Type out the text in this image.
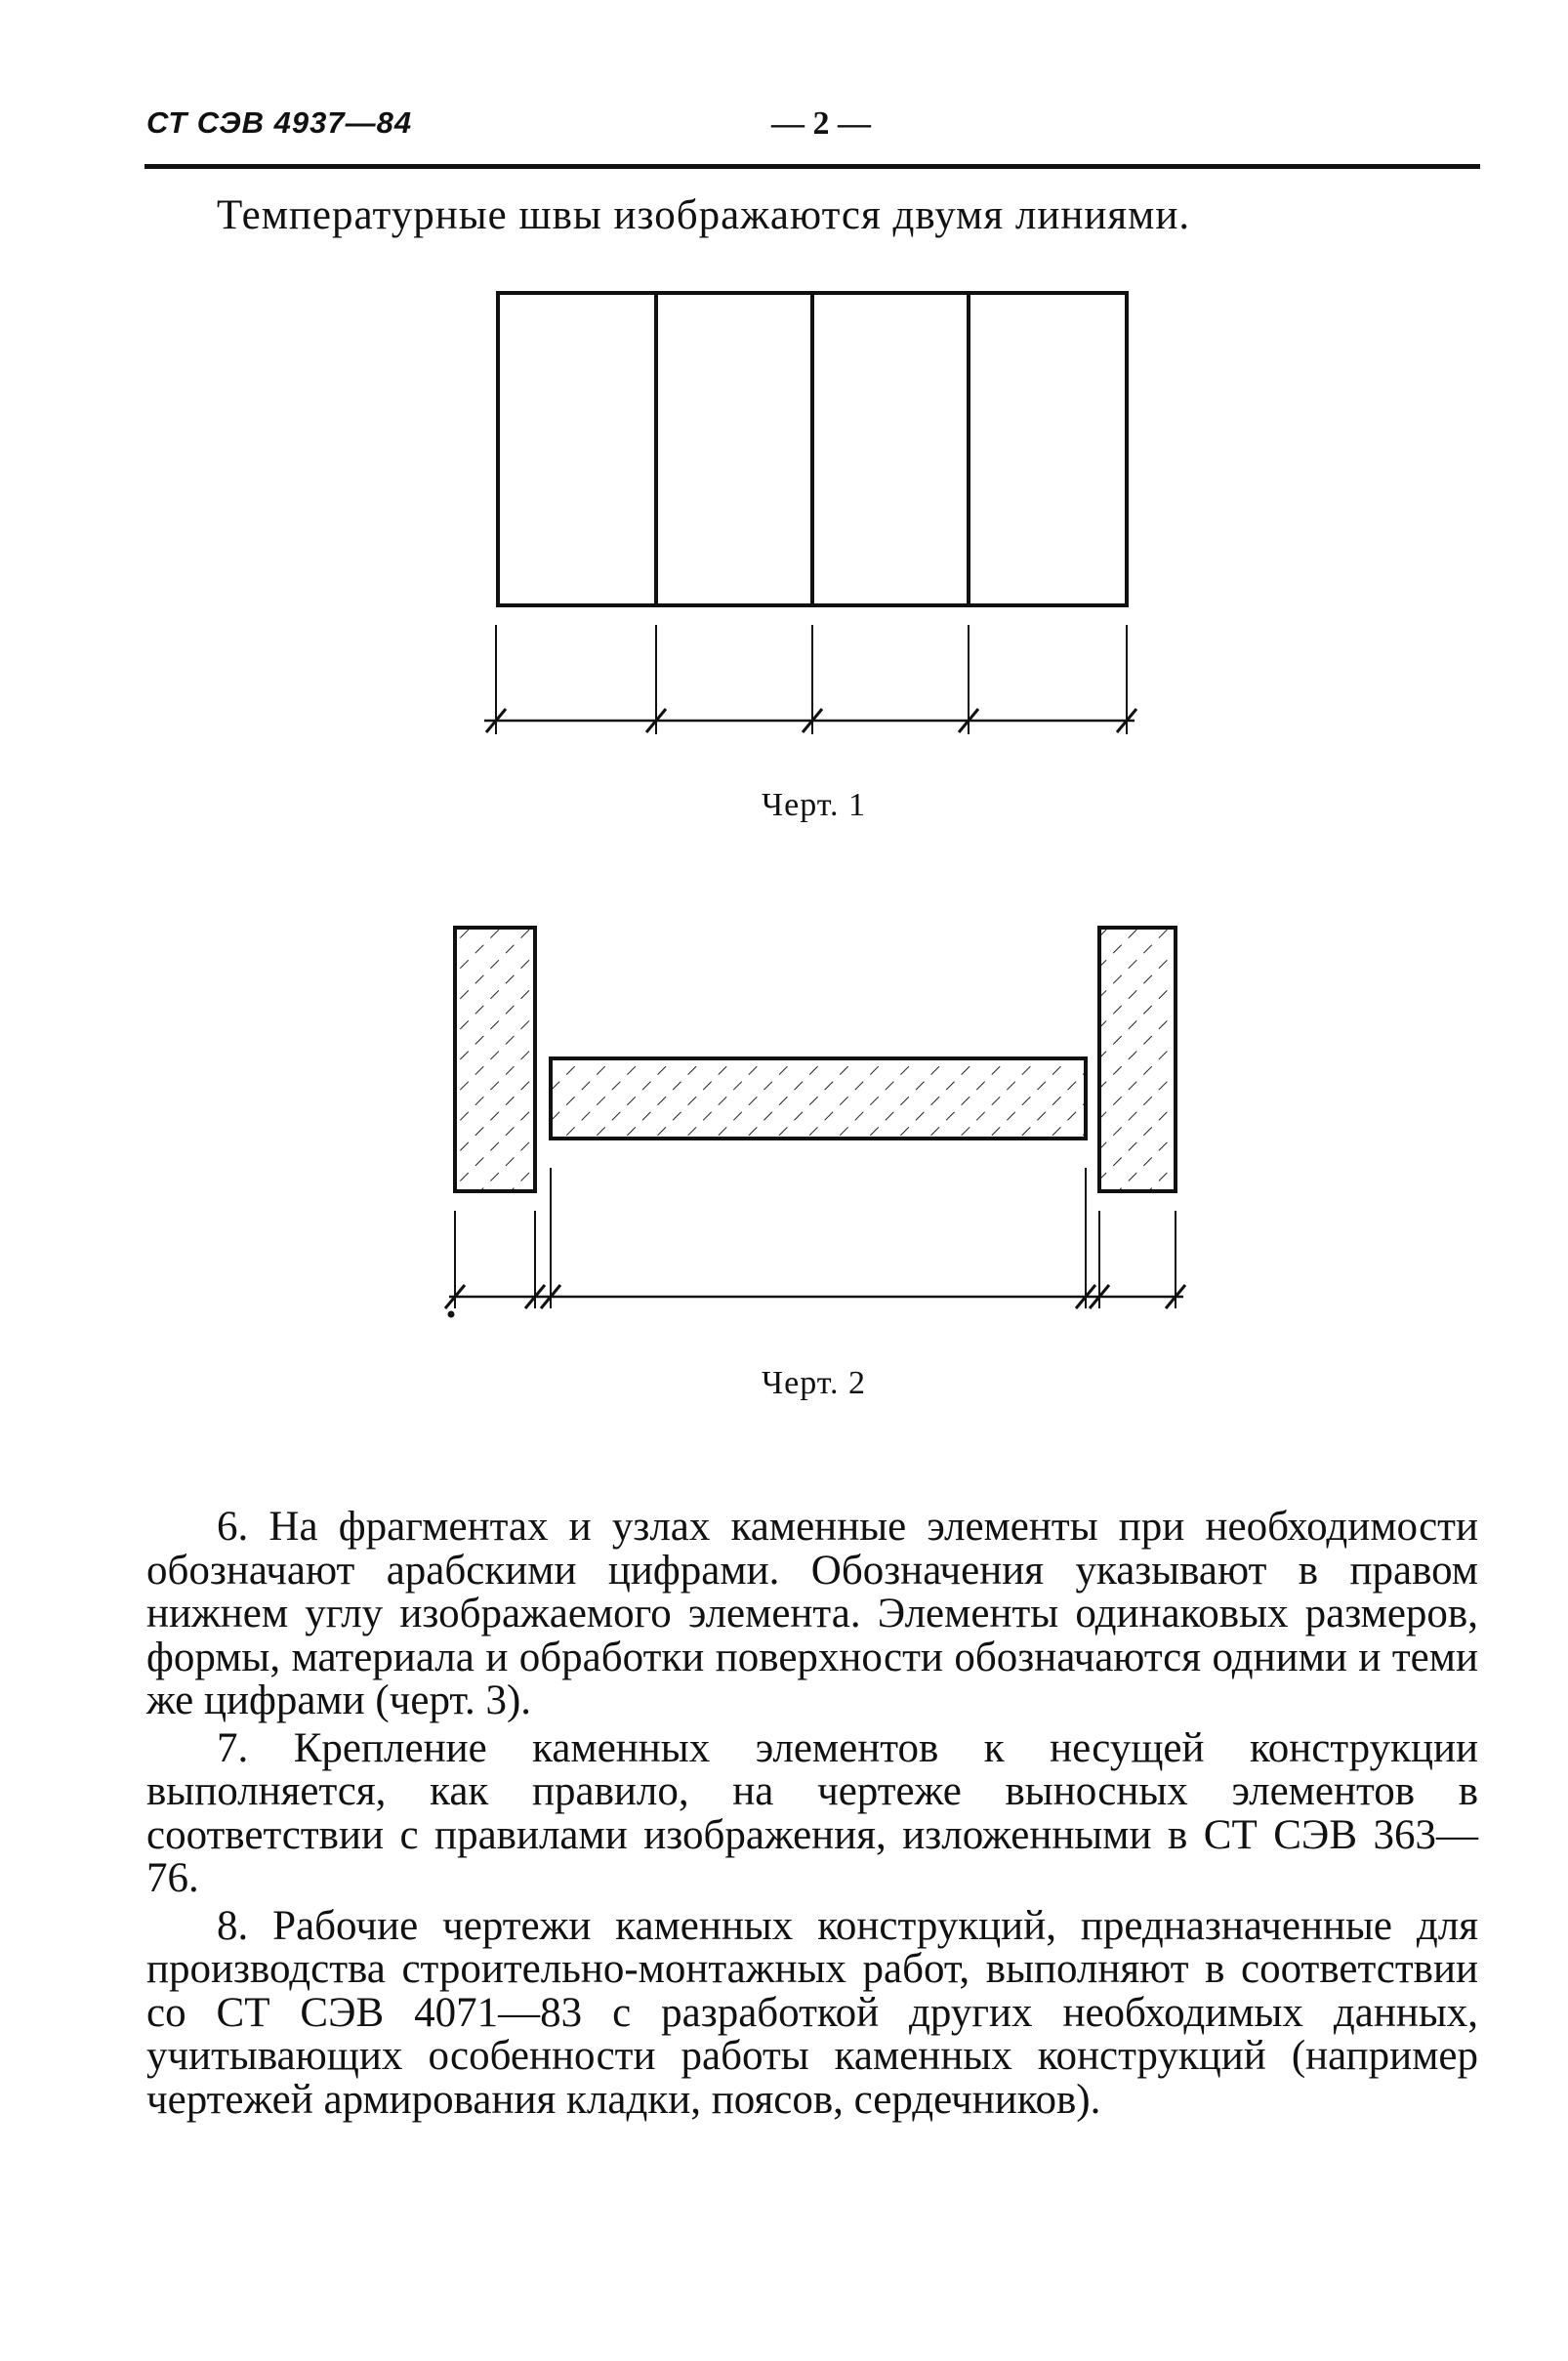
СТ СЭВ 4937—84	— 2 —
Температурные швы изображаются двумя линиями.
Черт. 1
Черт. 2

6. На фрагментах и узлах каменные элементы при необходимости обозначают арабскими цифрами. Обозначения указывают в правом нижнем углу изображаемого элемента. Элементы одинаковых размеров, формы, материала и обработки поверхности обозначаются одними и теми же цифрами (черт. 3).

7. Крепление каменных элементов к несущей конструкции выполняется, как правило, на чертеже выносных элементов в соответствии с правилами изображения, изложенными в СТ СЭВ 363—76.

8. Рабочие чертежи каменных конструкций, предназначенные для производства строительно-монтажных работ, выполняют в соответствии со СТ СЭВ 4071—83 с разработкой других необходимых данных, учитывающих особенности работы каменных конструкций (например чертежей армирования кладки, поясов, сердечников).
